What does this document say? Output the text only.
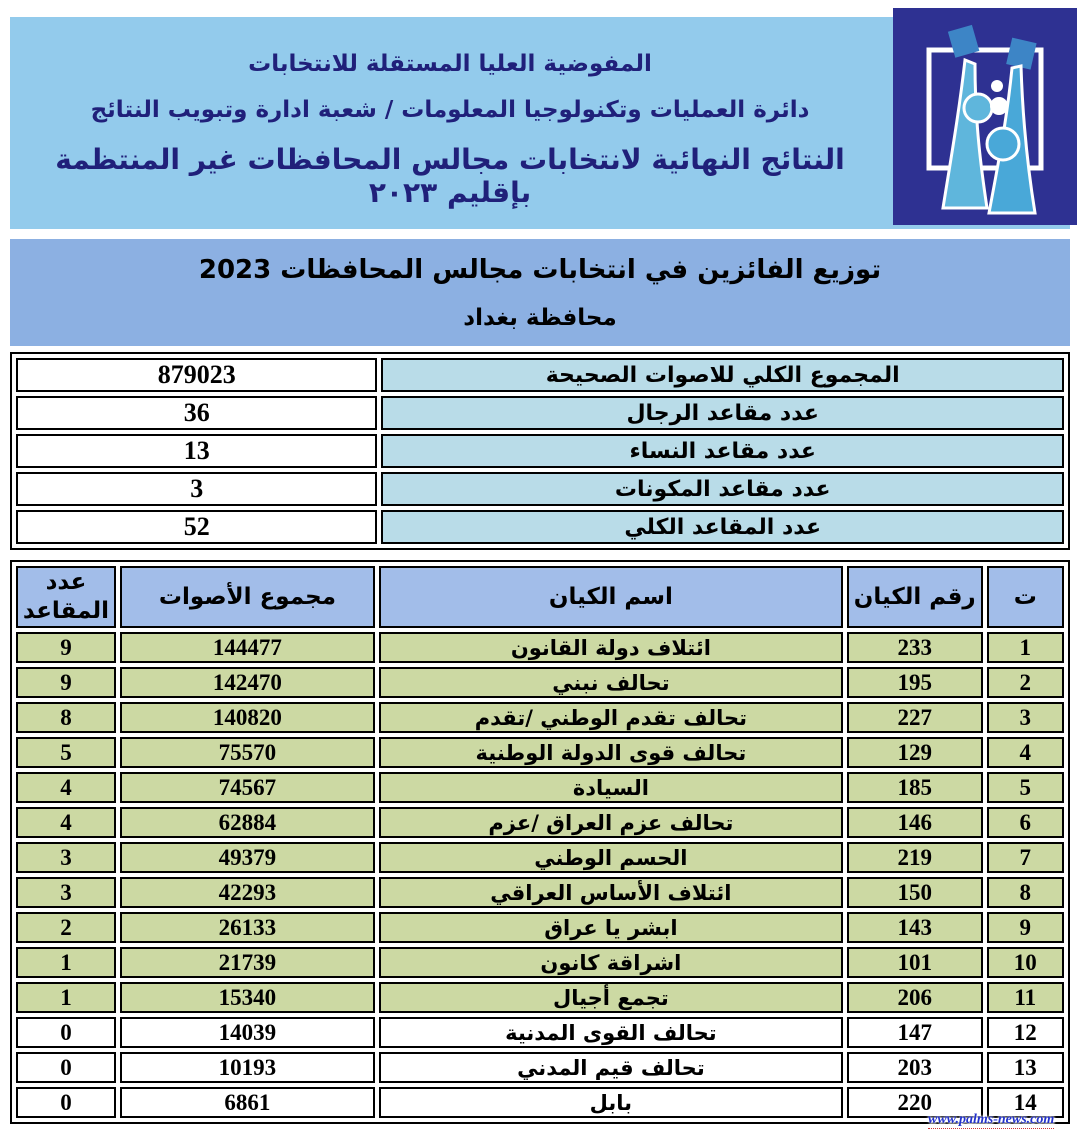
المفوضية العليا المستقلة للانتخابات
دائرة العمليات وتكنولوجيا المعلومات / شعبة ادارة وتبويب النتائج
النتائج النهائية لانتخابات مجالس المحافظات غير المنتظمة بإقليم ٢٠٢٣
توزيع الفائزين في انتخابات مجالس المحافظات 2023
محافظة بغداد
المجموع الكلي للاصوات الصحيحة	879023
عدد مقاعد الرجال	36
عدد مقاعد النساء	13
عدد مقاعد المكونات	3
عدد المقاعد الكلي	52
ت	رقم الكيان	اسم الكيان	مجموع الأصوات	عدد المقاعد
1	233	ائتلاف دولة القانون	144477	9
2	195	تحالف نبني	142470	9
3	227	تحالف تقدم الوطني /تقدم	140820	8
4	129	تحالف قوى الدولة الوطنية	75570	5
5	185	السيادة	74567	4
6	146	تحالف عزم العراق /عزم	62884	4
7	219	الحسم الوطني	49379	3
8	150	ائتلاف الأساس العراقي	42293	3
9	143	ابشر يا عراق	26133	2
10	101	اشراقة كانون	21739	1
11	206	تجمع أجيال	15340	1
12	147	تحالف القوى المدنية	14039	0
13	203	تحالف قيم المدني	10193	0
14	220	بابل	6861	0
www.palms-news.com
